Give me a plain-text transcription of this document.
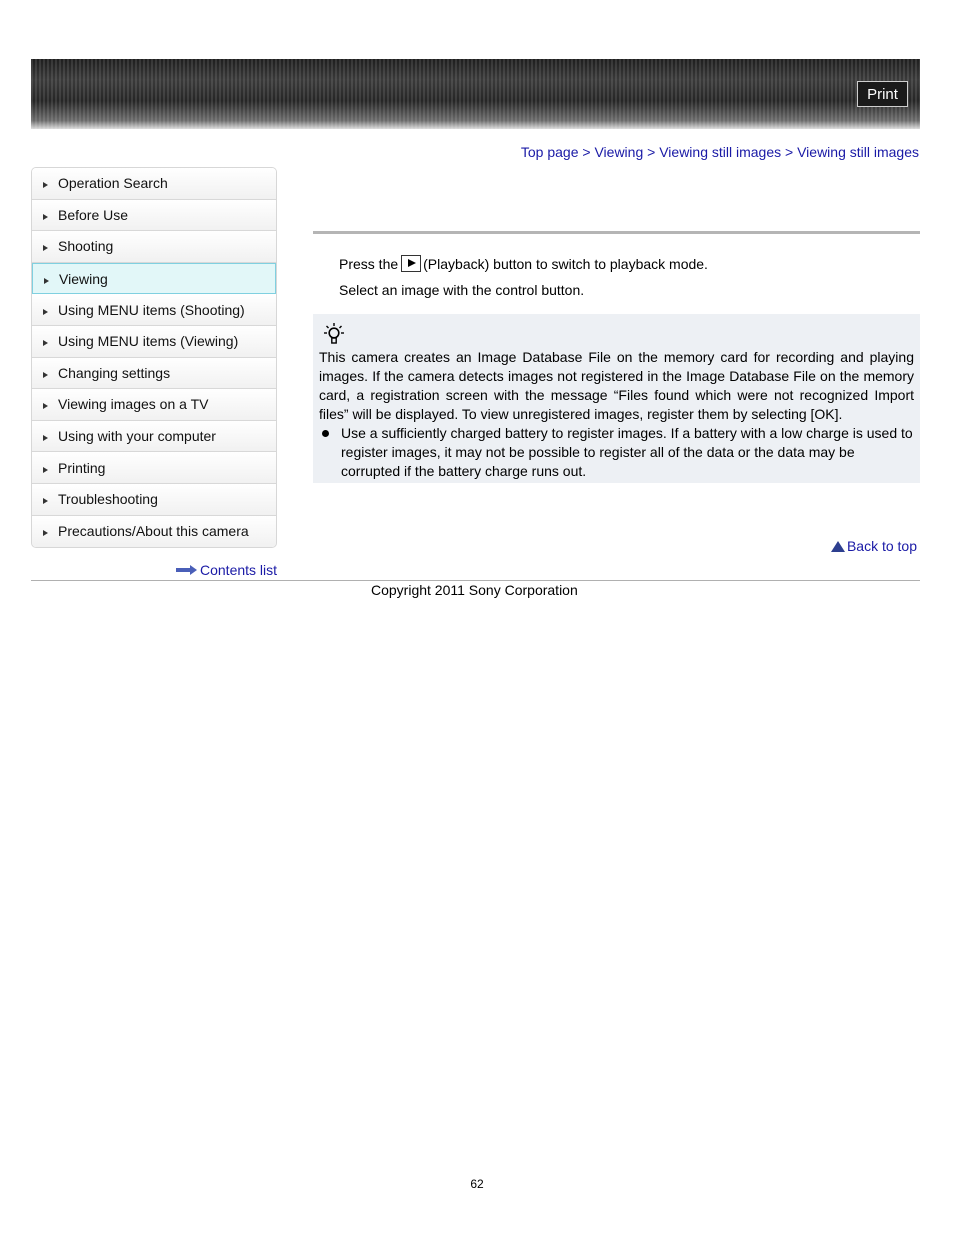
Print
Top page > Viewing > Viewing still images > Viewing still images
Operation Search
Before Use
Shooting
Viewing
Using MENU items (Shooting)
Using MENU items (Viewing)
Changing settings
Viewing images on a TV
Using with your computer
Printing
Troubleshooting
Precautions/About this camera
Contents list
Press the (Playback) button to switch to playback mode.
Select an image with the control button.
This camera creates an Image Database File on the memory card for recording and playing images. If the camera detects images not registered in the Image Database File on the memory card, a registration screen with the message “Files found which were not recognized Import files” will be displayed. To view unregistered images, register them by selecting [OK].
Use a sufficiently charged battery to register images. If a battery with a low charge is used to register images, it may not be possible to register all of the data or the data may be corrupted if the battery charge runs out.
Back to top
Copyright 2011 Sony Corporation
62
